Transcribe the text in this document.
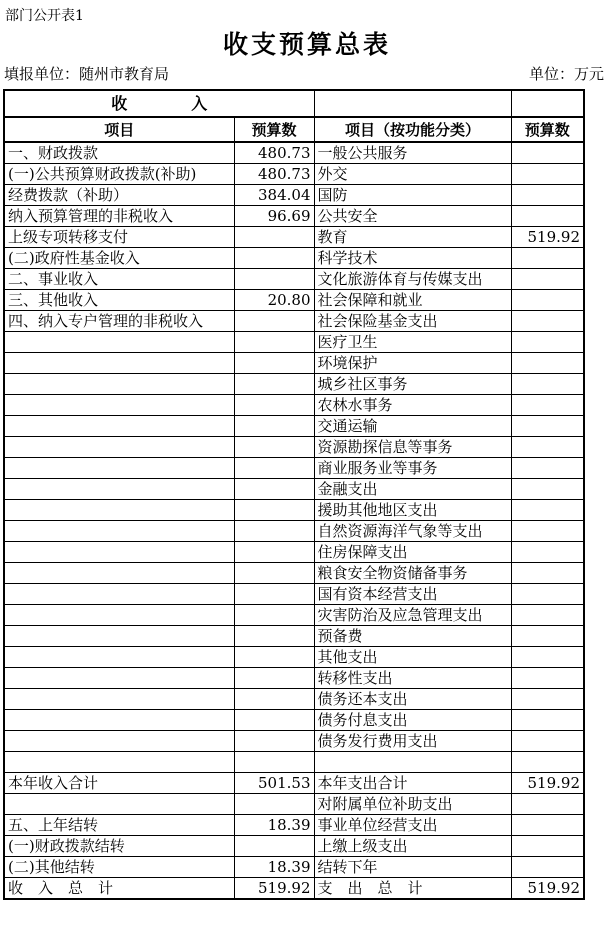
部门公开表1
收支预算总表
填报单位：随州市教育局	单位：万元
收　　　　入			
项目	预算数	项目（按功能分类）	预算数
一、财政拨款	480.73	一般公共服务	
(一)公共预算财政拨款(补助)	480.73	外交	
经费拨款（补助）	384.04	国防	
纳入预算管理的非税收入	96.69	公共安全	
上级专项转移支付		教育	519.92
(二)政府性基金收入		科学技术	
二、事业收入		文化旅游体育与传媒支出	
三、其他收入	20.80	社会保障和就业	
四、纳入专户管理的非税收入		社会保险基金支出	
		医疗卫生	
		环境保护	
		城乡社区事务	
		农林水事务	
		交通运输	
		资源勘探信息等事务	
		商业服务业等事务	
		金融支出	
		援助其他地区支出	
		自然资源海洋气象等支出	
		住房保障支出	
		粮食安全物资储备事务	
		国有资本经营支出	
		灾害防治及应急管理支出	
		预备费	
		其他支出	
		转移性支出	
		债务还本支出	
		债务付息支出	
		债务发行费用支出	

本年收入合计	501.53	本年支出合计	519.92
		对附属单位补助支出	
五、上年结转	18.39	事业单位经营支出	
(一)财政拨款结转		上缴上级支出	
(二)其他结转	18.39	结转下年	
收　入　总　计	519.92	支　出　总　计	519.92
